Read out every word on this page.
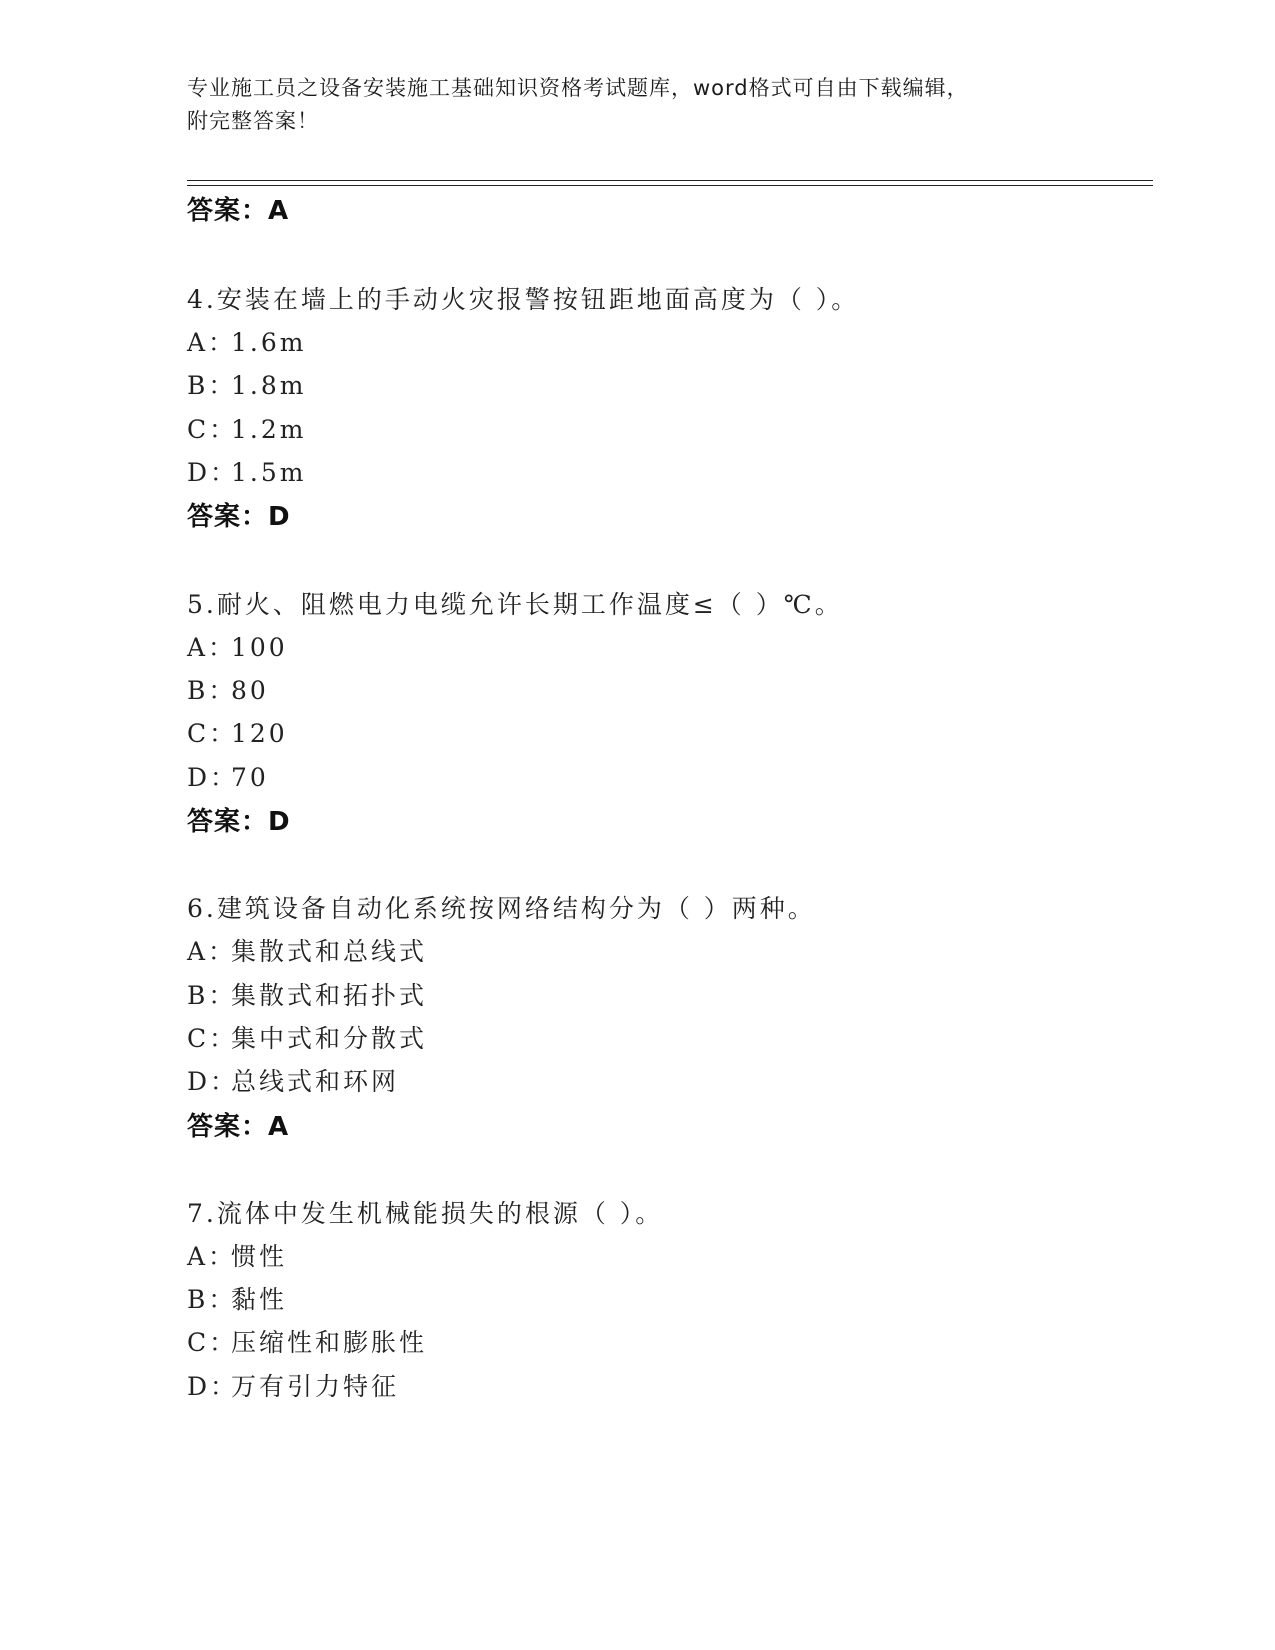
专业施工员之设备安装施工基础知识资格考试题库，word格式可自由下载编辑，
附完整答案！
答案：A
4.安装在墙上的手动火灾报警按钮距地面高度为（ ）。
A：1.6m
B：1.8m
C：1.2m
D：1.5m
答案：D
5.耐火、阻燃电力电缆允许长期工作温度≤（ ）℃。
A：100
B：80
C：120
D：70
答案：D
6.建筑设备自动化系统按网络结构分为（ ）两种。
A：集散式和总线式
B：集散式和拓扑式
C：集中式和分散式
D：总线式和环网
答案：A
7.流体中发生机械能损失的根源（ ）。
A：惯性
B：黏性
C：压缩性和膨胀性
D：万有引力特征
